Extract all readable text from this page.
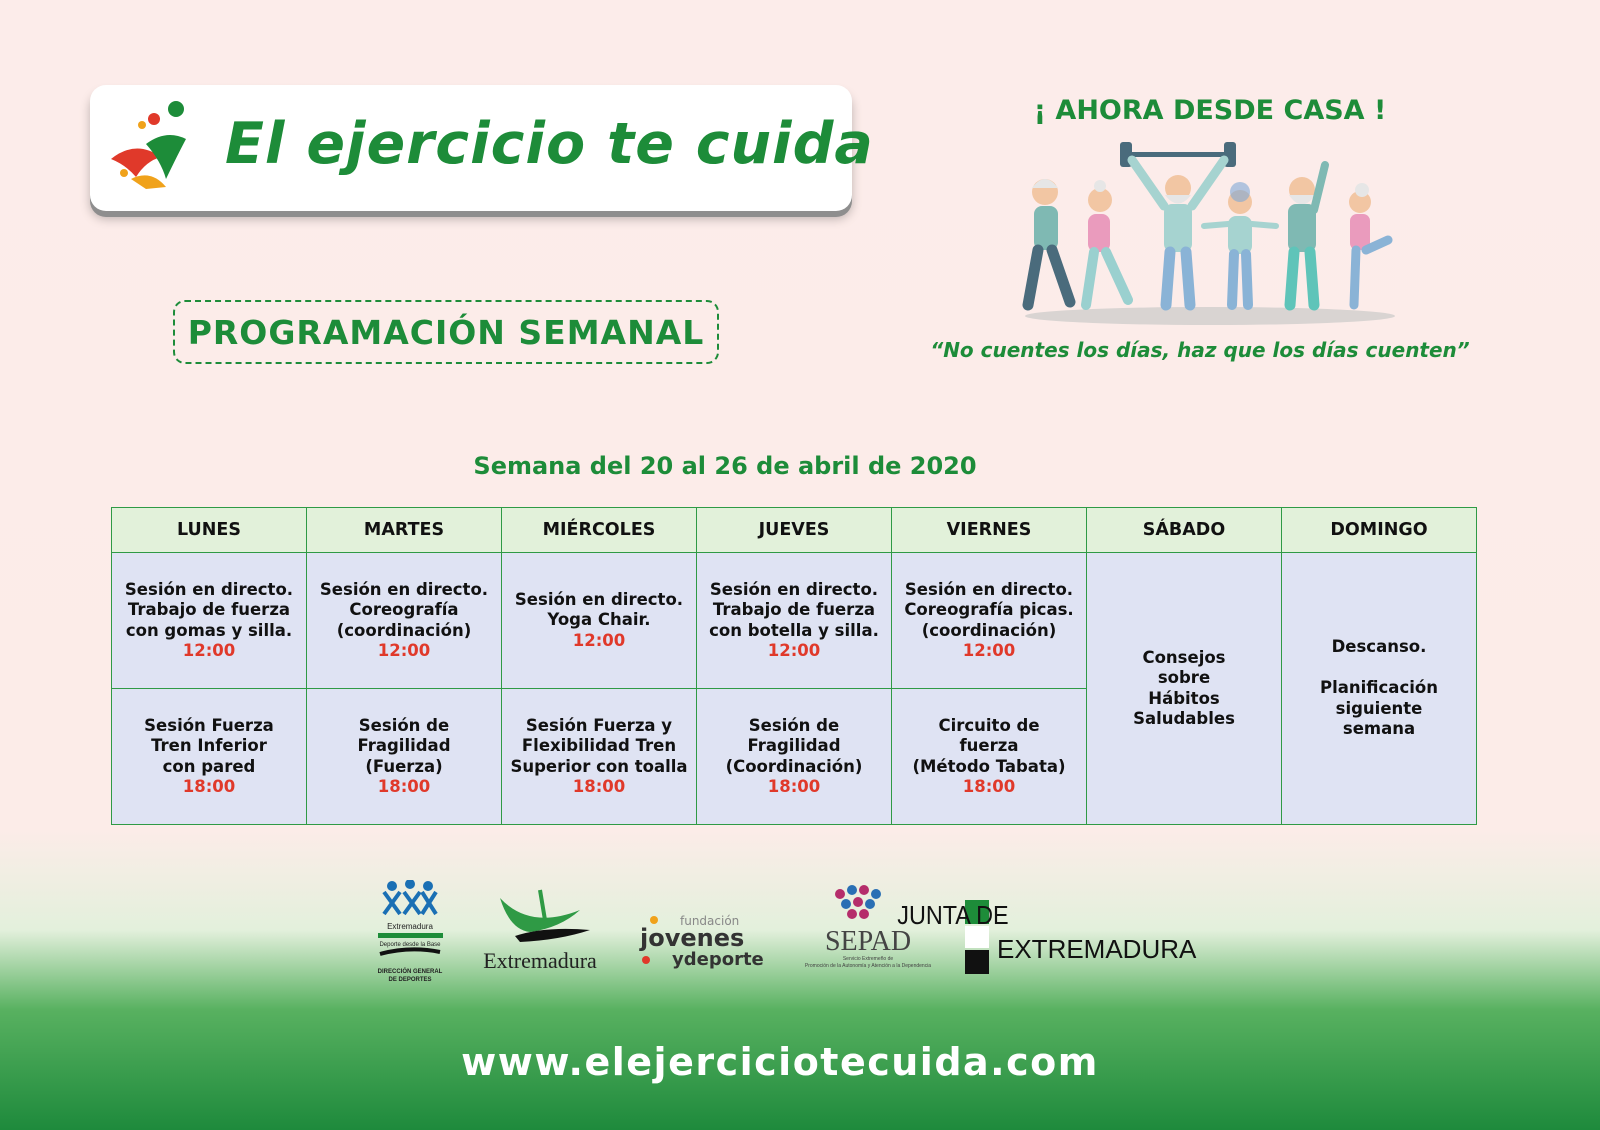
El ejercicio te cuida
PROGRAMACIÓN SEMANAL
¡ AHORA DESDE CASA !
“No cuentes los días, haz que los días cuenten”
Semana del 20 al 26 de abril de 2020
LUNES	MARTES	MIÉRCOLES	JUEVES	VIERNES	SÁBADO	DOMINGO

Sesión en directo.
Trabajo de fuerza
con gomas y silla.
12:00	Sesión en directo.
Coreografía
(coordinación)
12:00	Sesión en directo.
Yoga Chair.
12:00	Sesión en directo.
Trabajo de fuerza
con botella y silla.
12:00	Sesión en directo.
Coreografía picas.
(coordinación)
12:00	Consejos
sobre
Hábitos
Saludables	Descanso.

Planificación
siguiente
semana

Sesión Fuerza
Tren Inferior
con pared
18:00	Sesión de
Fragilidad
(Fuerza)
18:00	Sesión Fuerza y
Flexibilidad Tren
Superior con toalla
18:00	Sesión de
Fragilidad
(Coordinación)
18:00	Circuito de
fuerza
(Método Tabata)
18:00		
Extremadura
Deporte desde la Base
DIRECCIÓN GENERAL
DE DEPORTES
Extremadura
fundación
jovenes
ydeporte
SEPAD
Servicio Extremeño de
Promoción de la Autonomía y Atención a la Dependencia
JUNTA DE
EXTREMADURA
www.elejerciciotecuida.com
